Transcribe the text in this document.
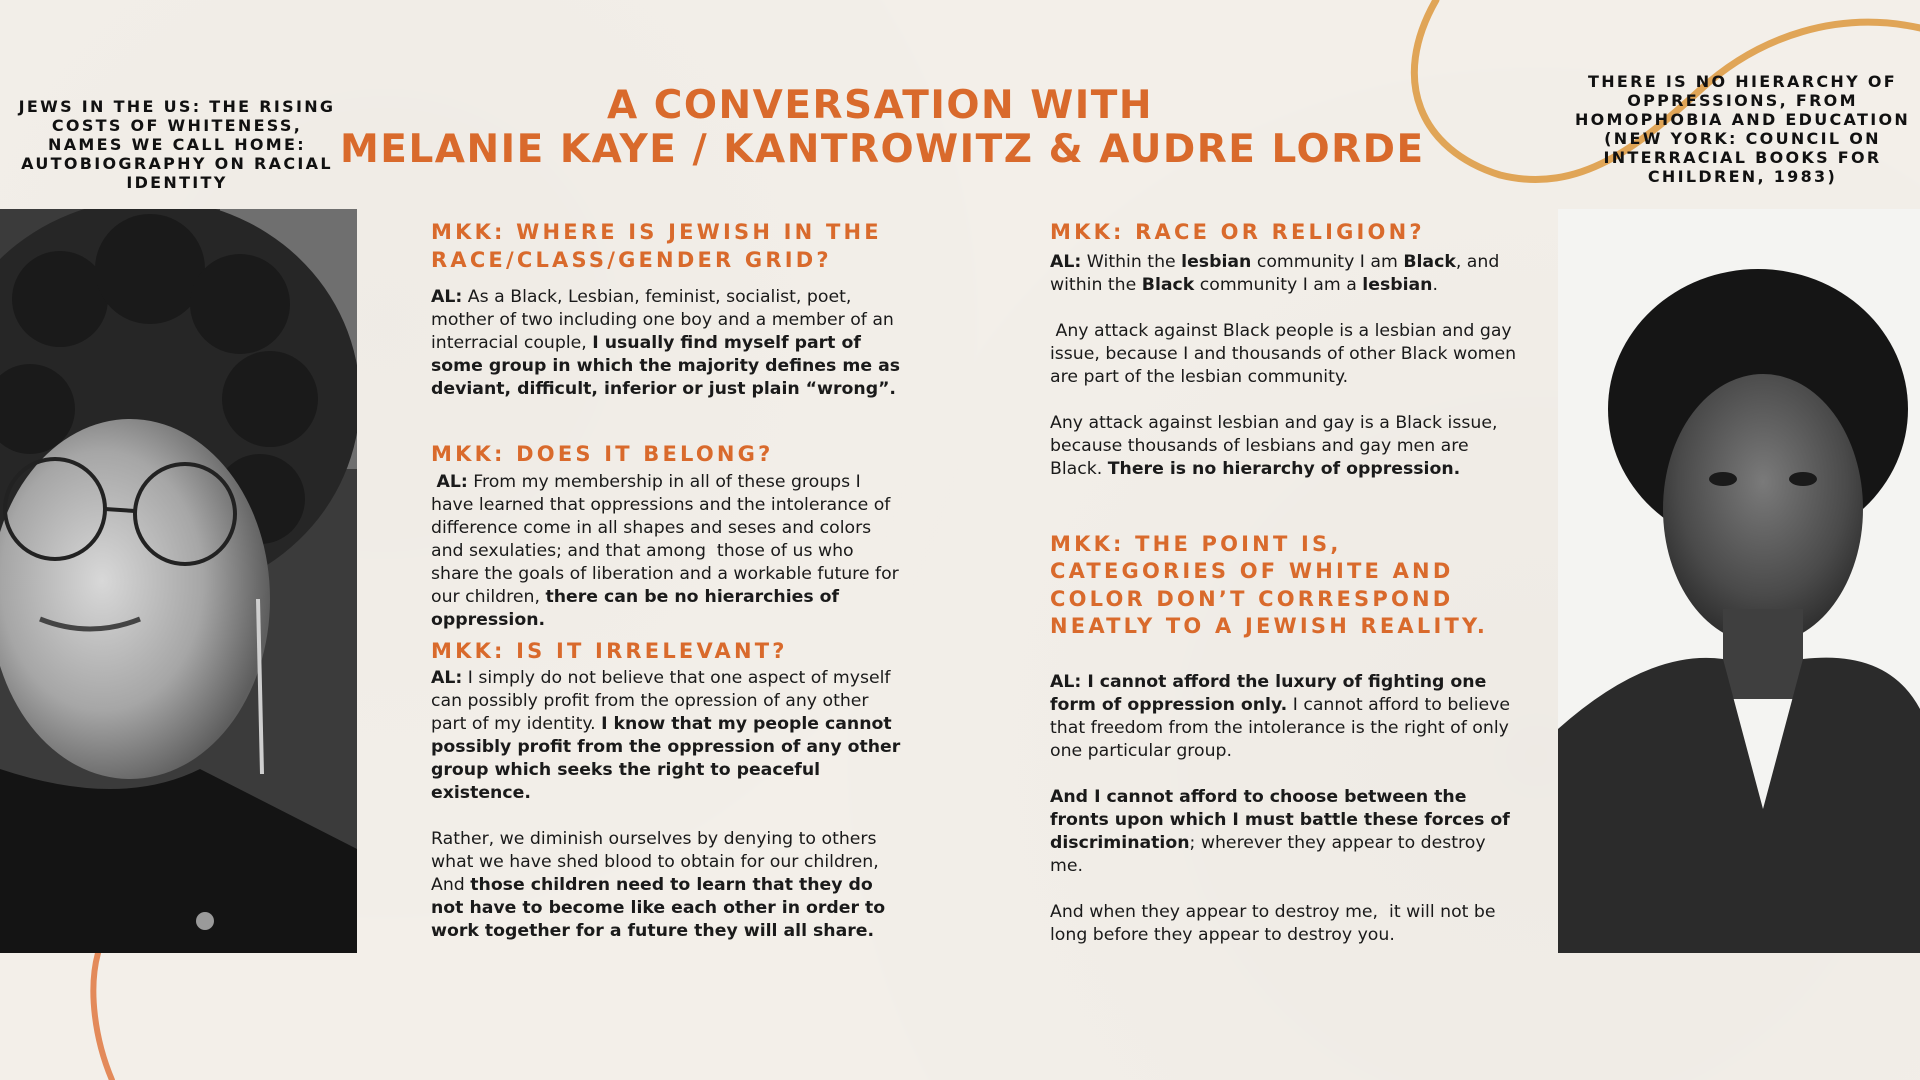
JEWS IN THE US: THE RISING COSTS OF WHITENESS, NAMES WE CALL HOME: AUTOBIOGRAPHY ON RACIAL IDENTITY
THERE IS NO HIERARCHY OF OPPRESSIONS, FROM HOMOPHOBIA AND EDUCATION (NEW YORK: COUNCIL ON INTERRACIAL BOOKS FOR CHILDREN, 1983)
A CONVERSATION WITH
MELANIE KAYE / KANTROWITZ & AUDRE LORDE
MKK: WHERE IS JEWISH IN THE RACE/CLASS/GENDER GRID?

AL: As a Black, Lesbian, feminist, socialist, poet, mother of two including one boy and a member of an interracial couple, I usually find myself part of some group in which the majority defines me as deviant, difficult, inferior or just plain “wrong”.

MKK: DOES IT BELONG?

AL: From my membership in all of these groups I have learned that oppressions and the intolerance of difference come in all shapes and seses and colors and sexulaties; and that among  those of us who share the goals of liberation and a workable future for our children, there can be no hierarchies of oppression.

MKK: IS IT IRRELEVANT?

AL: I simply do not believe that one aspect of myself can possibly profit from the opression of any other part of my identity. I know that my people cannot possibly profit from the oppression of any other group which seeks the right to peaceful existence.

Rather, we diminish ourselves by denying to others what we have shed blood to obtain for our children, And those children need to learn that they do not have to become like each other in order to work together for a future they will all share.

MKK: RACE OR RELIGION?

AL: Within the lesbian community I am Black, and within the Black community I am a lesbian.

Any attack against Black people is a lesbian and gay issue, because I and thousands of other Black women are part of the lesbian community.

Any attack against lesbian and gay is a Black issue, because thousands of lesbians and gay men are Black. There is no hierarchy of oppression.

MKK: THE POINT IS, CATEGORIES OF WHITE AND COLOR DON’T CORRESPOND NEATLY TO A JEWISH REALITY.

AL: I cannot afford the luxury of fighting one form of oppression only. I cannot afford to believe that freedom from the intolerance is the right of only one particular group.

And I cannot afford to choose between the fronts upon which I must battle these forces of discrimination; wherever they appear to destroy me.

And when they appear to destroy me,  it will not be long before they appear to destroy you.
